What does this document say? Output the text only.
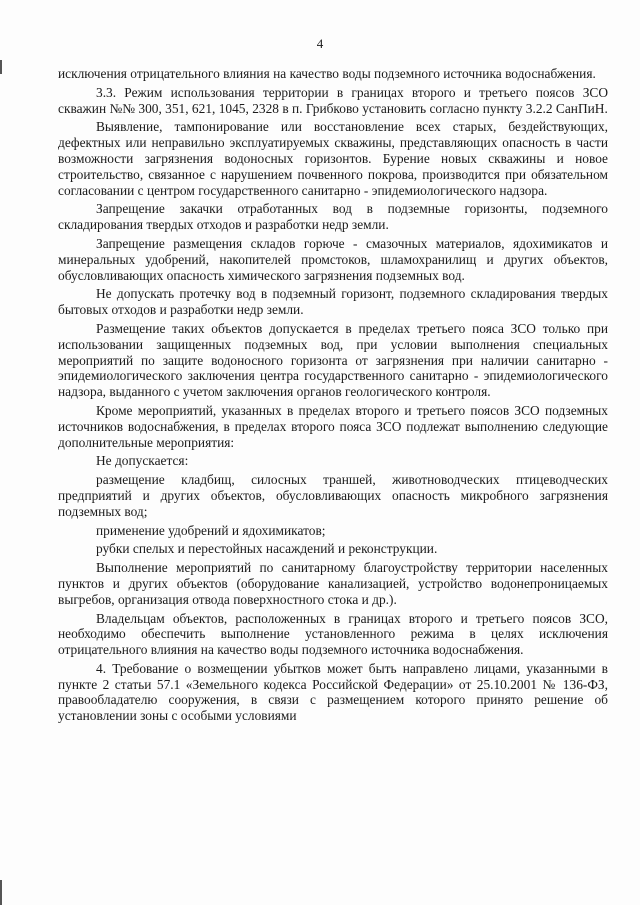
4

исключения отрицательного влияния на качество воды подземного источника водоснабжения.

3.3. Режим использования территории в границах второго и третьего поясов ЗСО скважин №№ 300, 351, 621, 1045, 2328 в п. Грибково установить согласно пункту 3.2.2 СанПиН.

Выявление, тампонирование или восстановление всех старых, бездействующих, дефектных или неправильно эксплуатируемых скважины, представляющих опасность в части возможности загрязнения водоносных горизонтов. Бурение новых скважины и новое строительство, связанное с нарушением почвенного покрова, производится при обязательном согласовании с центром государственного санитарно - эпидемиологического надзора.

Запрещение закачки отработанных вод в подземные горизонты, подземного складирования твердых отходов и разработки недр земли.

Запрещение размещения складов горюче - смазочных материалов, ядохимикатов и минеральных удобрений, накопителей промстоков, шламохранилищ и других объектов, обусловливающих опасность химического загрязнения подземных вод.

Не допускать протечку вод в подземный горизонт, подземного складирования твердых бытовых отходов и разработки недр земли.

Размещение таких объектов допускается в пределах третьего пояса ЗСО только при использовании защищенных подземных вод, при условии выполнения специальных мероприятий по защите водоносного горизонта от загрязнения при наличии санитарно - эпидемиологического заключения центра государственного санитарно - эпидемиологического надзора, выданного с учетом заключения органов геологического контроля.

Кроме мероприятий, указанных в пределах второго и третьего поясов ЗСО подземных источников водоснабжения, в пределах второго пояса ЗСО подлежат выполнению следующие дополнительные мероприятия:

Не допускается:

размещение кладбищ, силосных траншей, животноводческих птицеводческих предприятий и других объектов, обусловливающих опасность микробного загрязнения подземных вод;

применение удобрений и ядохимикатов;

рубки спелых и перестойных насаждений и реконструкции.

Выполнение мероприятий по санитарному благоустройству территории населенных пунктов и других объектов (оборудование канализацией, устройство водонепроницаемых выгребов, организация отвода поверхностного стока и др.).

Владельцам объектов, расположенных в границах второго и третьего поясов ЗСО, необходимо обеспечить выполнение установленного режима в целях исключения отрицательного влияния на качество воды подземного источника водоснабжения.

4. Требование о возмещении убытков может быть направлено лицами, указанными в пункте 2 статьи 57.1 «Земельного кодекса Российской Федерации» от 25.10.2001 № 136-ФЗ, правообладателю сооружения, в связи с размещением которого принято решение об установлении зоны с особыми условиями
